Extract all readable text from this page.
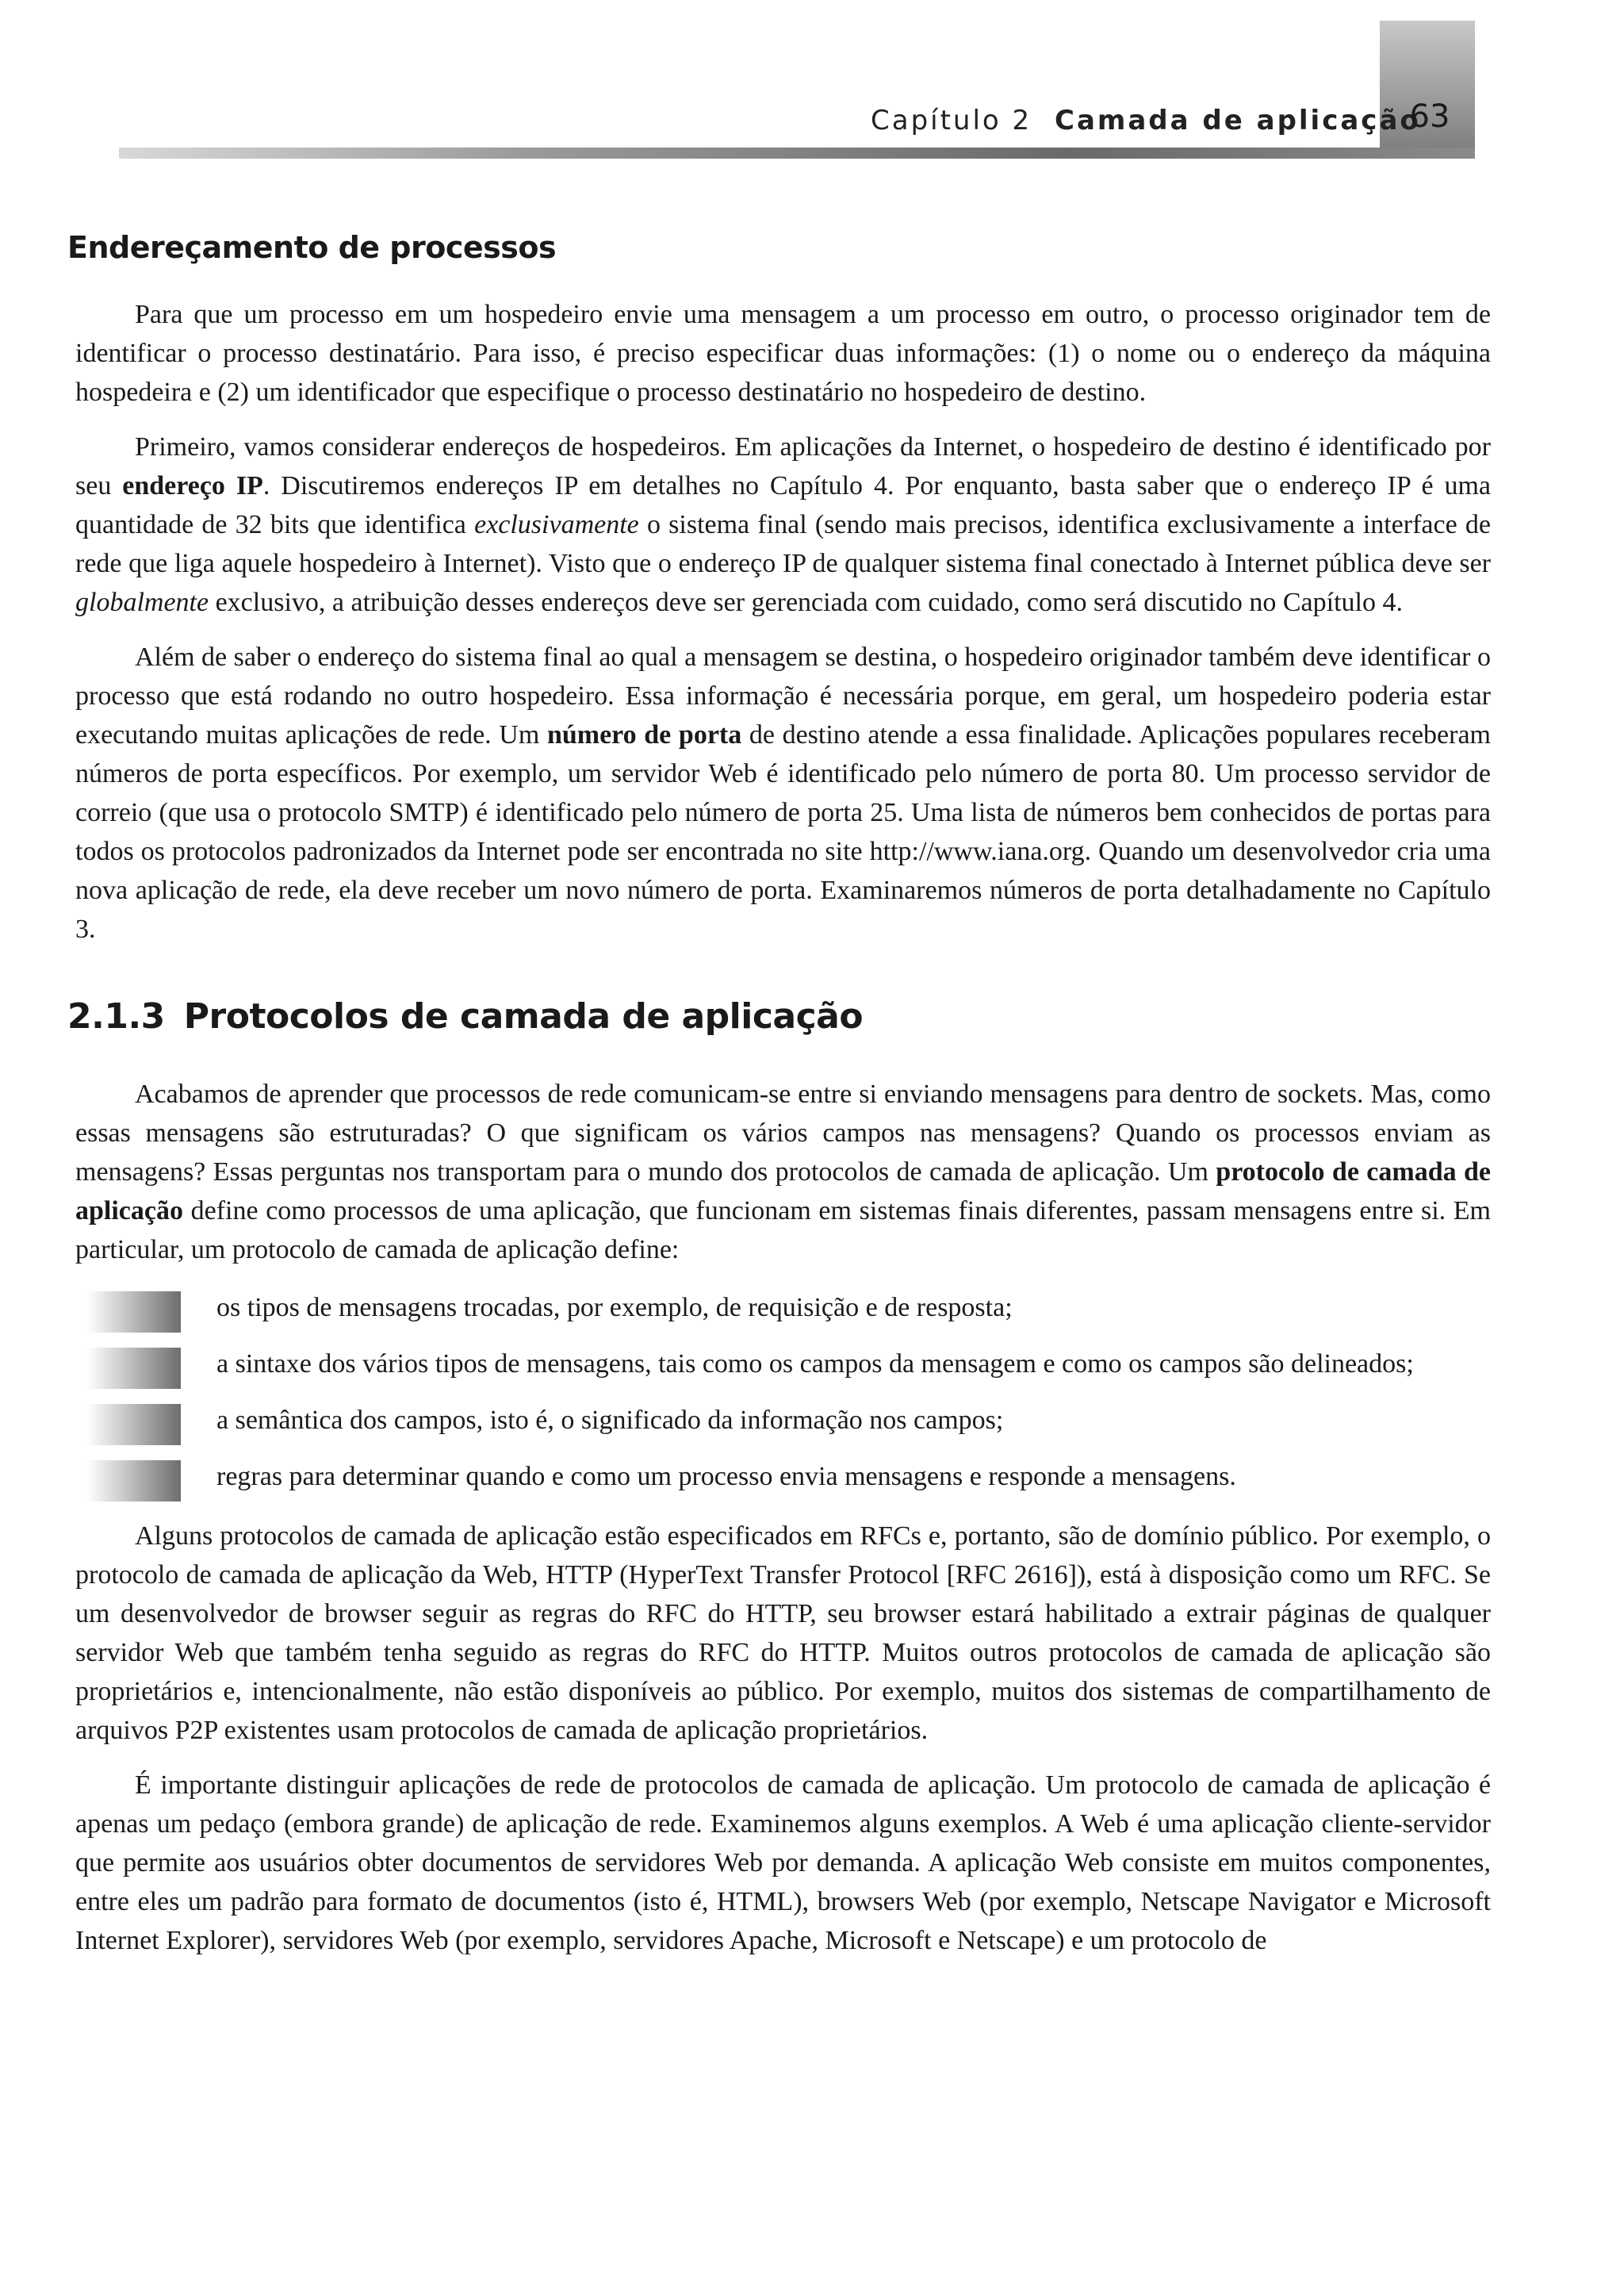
Capítulo 2 Camada de aplicação
63
Endereçamento de processos

Para que um processo em um hospedeiro envie uma mensagem a um processo em outro, o processo originador tem de identificar o processo destinatário. Para isso, é preciso especificar duas informações: (1) o nome ou o endereço da máquina hospedeira e (2) um identificador que especifique o processo destinatário no hospedeiro de destino.

Primeiro, vamos considerar endereços de hospedeiros. Em aplicações da Internet, o hospedeiro de destino é identificado por seu endereço IP. Discutiremos endereços IP em detalhes no Capítulo 4. Por enquanto, basta saber que o endereço IP é uma quantidade de 32 bits que identifica exclusivamente o sistema final (sendo mais precisos, identifica exclusivamente a interface de rede que liga aquele hospedeiro à Internet). Visto que o endereço IP de qualquer sistema final conectado à Internet pública deve ser globalmente exclusivo, a atribuição desses endereços deve ser gerenciada com cuidado, como será discutido no Capítulo 4.

Além de saber o endereço do sistema final ao qual a mensagem se destina, o hospedeiro originador também deve identificar o processo que está rodando no outro hospedeiro. Essa informação é necessária porque, em geral, um hospedeiro poderia estar executando muitas aplicações de rede. Um número de porta de destino atende a essa finalidade. Aplicações populares receberam números de porta específicos. Por exemplo, um servidor Web é identificado pelo número de porta 80. Um processo servidor de correio (que usa o protocolo SMTP) é identificado pelo número de porta 25. Uma lista de números bem conhecidos de portas para todos os protocolos padronizados da Internet pode ser encontrada no site http://www.iana.org. Quando um desenvolvedor cria uma nova aplicação de rede, ela deve receber um novo número de porta. Examinaremos números de porta detalhadamente no Capítulo 3.

2.1.3 Protocolos de camada de aplicação

Acabamos de aprender que processos de rede comunicam-se entre si enviando mensagens para dentro de sockets. Mas, como essas mensagens são estruturadas? O que significam os vários campos nas mensagens? Quando os processos enviam as mensagens? Essas perguntas nos transportam para o mundo dos protocolos de camada de aplicação. Um protocolo de camada de aplicação define como processos de uma aplicação, que funcionam em sistemas finais diferentes, passam mensagens entre si. Em particular, um protocolo de camada de aplicação define:

os tipos de mensagens trocadas, por exemplo, de requisição e de resposta;
a sintaxe dos vários tipos de mensagens, tais como os campos da mensagem e como os campos são delineados;
a semântica dos campos, isto é, o significado da informação nos campos;
regras para determinar quando e como um processo envia mensagens e responde a mensagens.

Alguns protocolos de camada de aplicação estão especificados em RFCs e, portanto, são de domínio público. Por exemplo, o protocolo de camada de aplicação da Web, HTTP (HyperText Transfer Protocol [RFC 2616]), está à disposição como um RFC. Se um desenvolvedor de browser seguir as regras do RFC do HTTP, seu browser estará habilitado a extrair páginas de qualquer servidor Web que também tenha seguido as regras do RFC do HTTP. Muitos outros protocolos de camada de aplicação são proprietários e, intencionalmente, não estão disponíveis ao público. Por exemplo, muitos dos sistemas de compartilhamento de arquivos P2P existentes usam protocolos de camada de aplicação proprietários.

É importante distinguir aplicações de rede de protocolos de camada de aplicação. Um protocolo de camada de aplicação é apenas um pedaço (embora grande) de aplicação de rede. Examinemos alguns exemplos. A Web é uma aplicação cliente-servidor que permite aos usuários obter documentos de servidores Web por demanda. A aplicação Web consiste em muitos componentes, entre eles um padrão para formato de documentos (isto é, HTML), browsers Web (por exemplo, Netscape Navigator e Microsoft Internet Explorer), servidores Web (por exemplo, servidores Apache, Microsoft e Netscape) e um protocolo de
